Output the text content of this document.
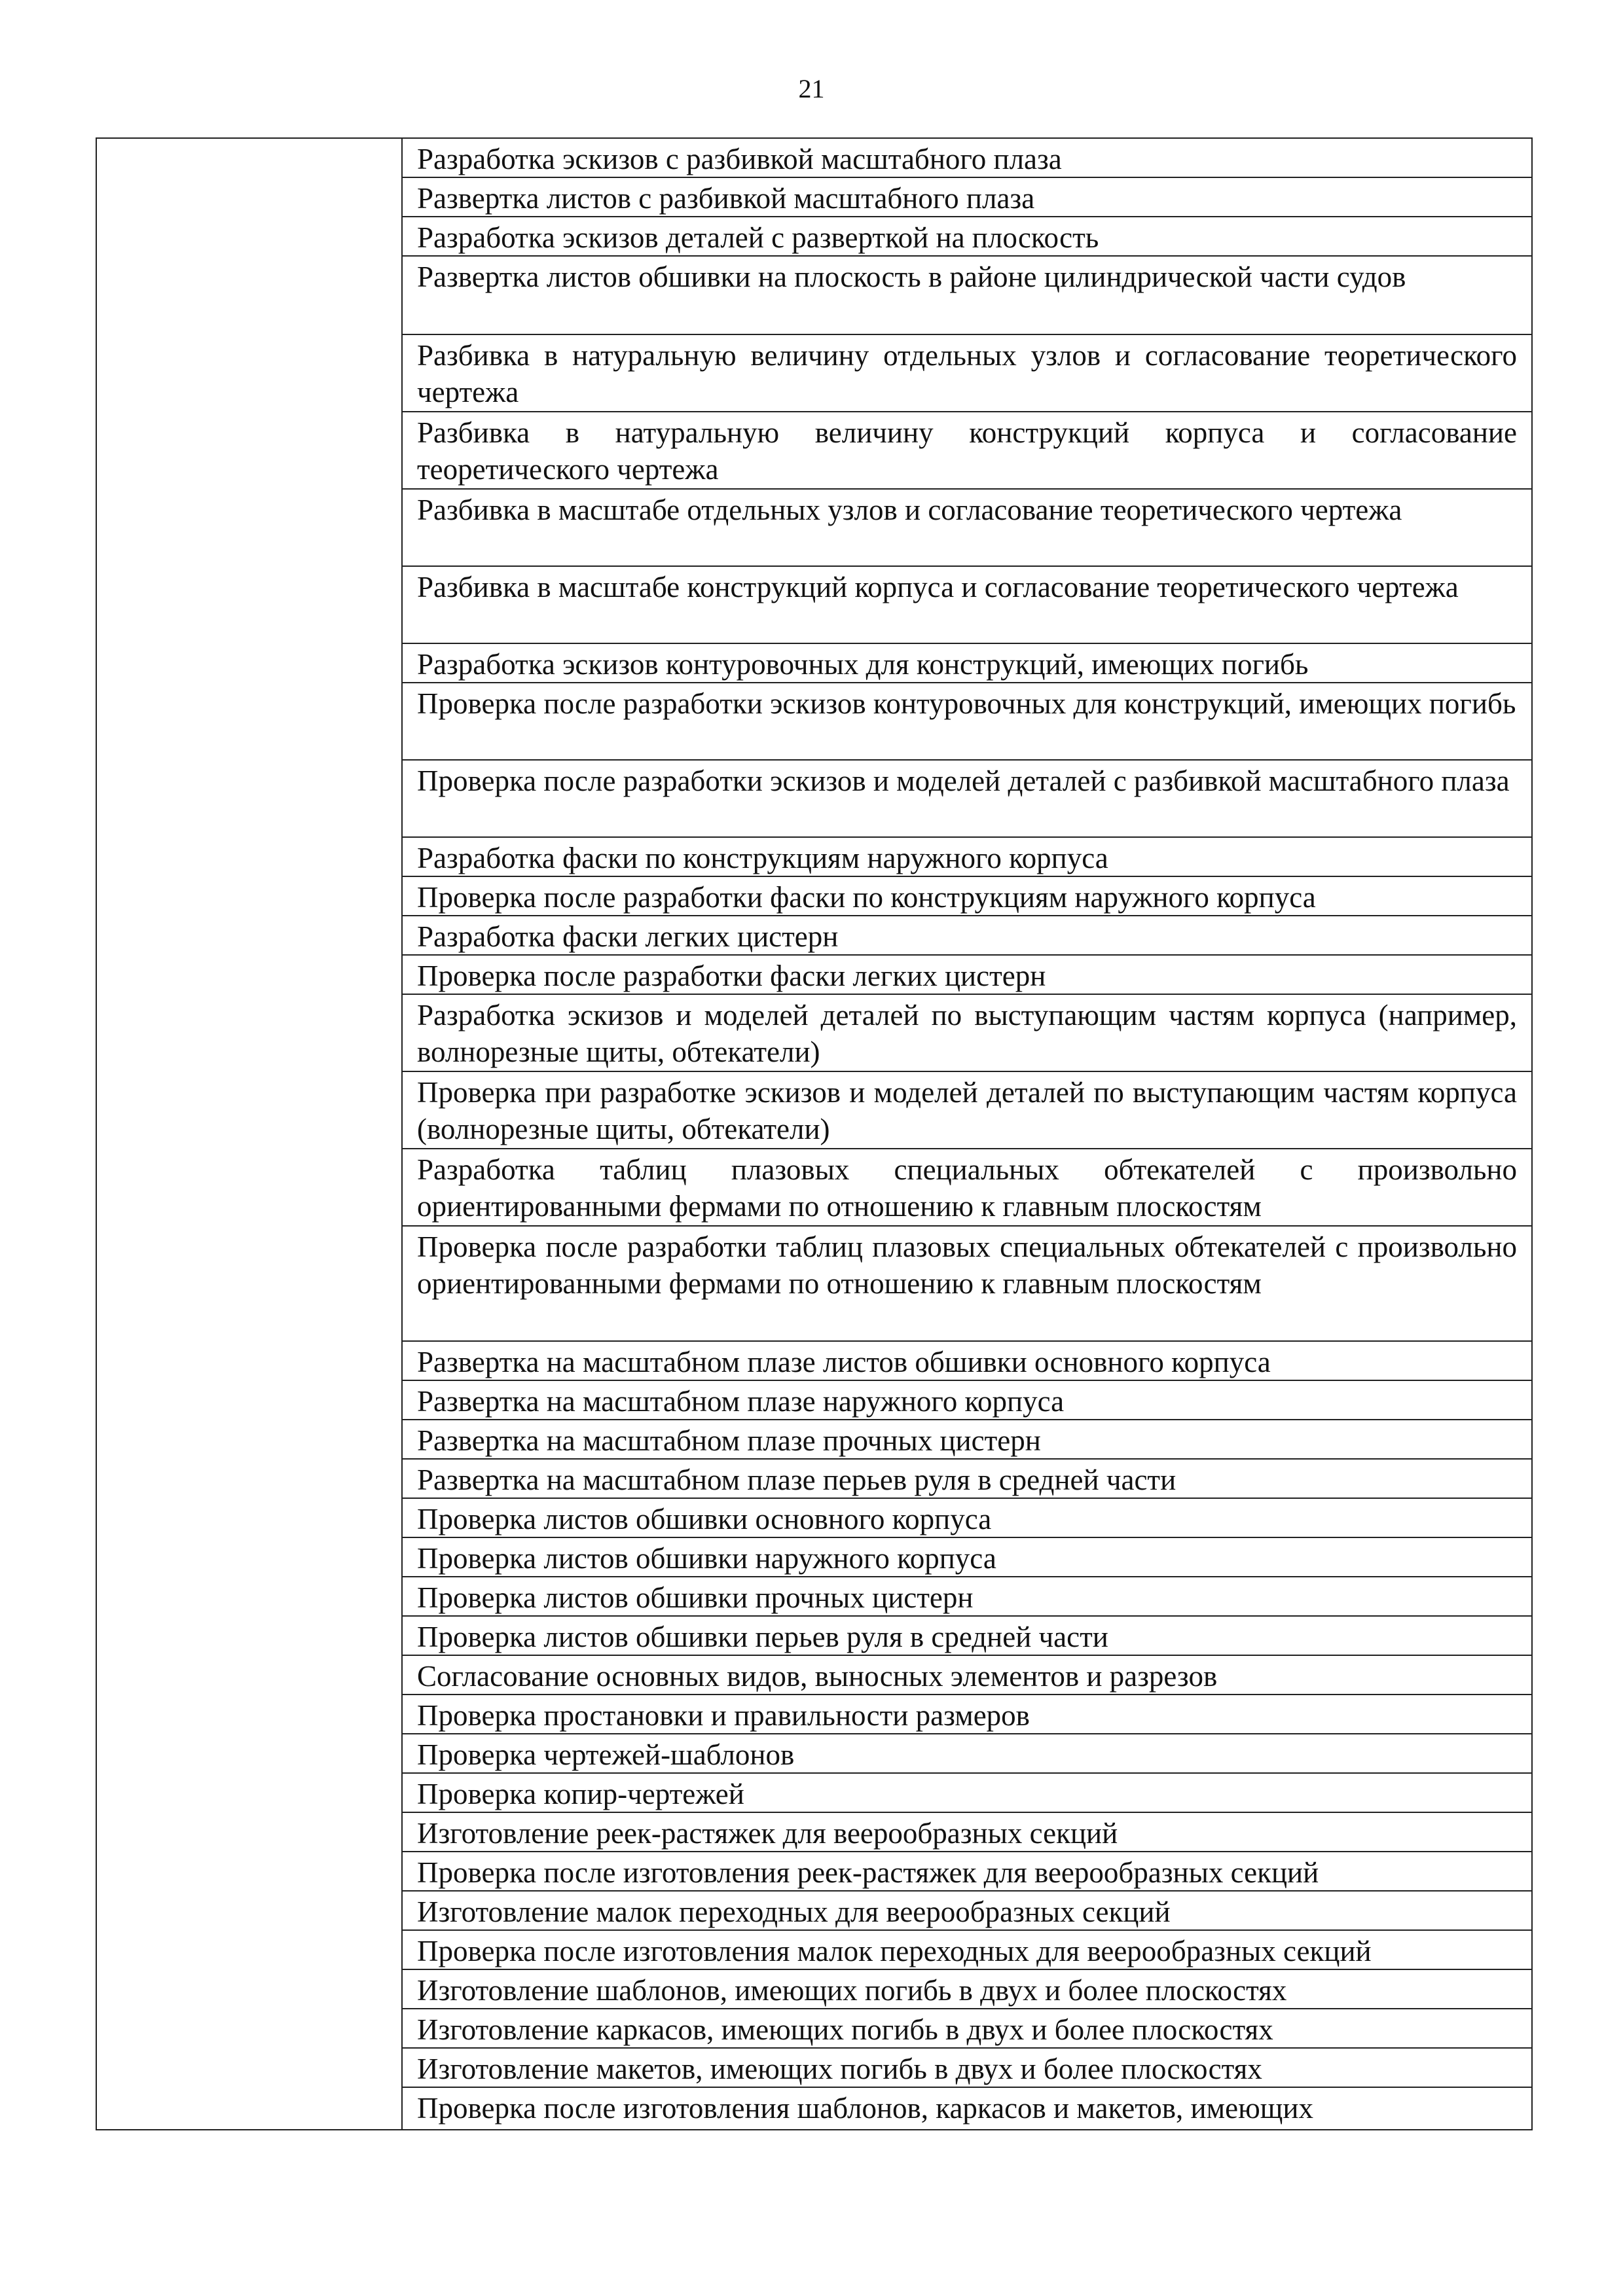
21
Разработка эскизов с разбивкой масштабного плаза
Развертка листов с разбивкой масштабного плаза
Разработка эскизов деталей с разверткой на плоскость
Развертка листов обшивки на плоскость в районе цилиндрической части судов
Разбивка в натуральную величину отдельных узлов и согласование теоретического чертежа
Разбивка в натуральную величину конструкций корпуса и согласование теоретического чертежа
Разбивка в масштабе отдельных узлов и согласование теоретического чертежа
Разбивка в масштабе конструкций корпуса и согласование теоретического чертежа
Разработка эскизов контуровочных для конструкций, имеющих погибь
Проверка после разработки эскизов контуровочных для конструкций, имеющих погибь
Проверка после разработки эскизов и моделей деталей с разбивкой масштабного плаза
Разработка фаски по конструкциям наружного корпуса
Проверка после разработки фаски по конструкциям наружного корпуса
Разработка фаски легких цистерн
Проверка после разработки фаски легких цистерн
Разработка эскизов и моделей деталей по выступающим частям корпуса (например, волнорезные щиты, обтекатели)
Проверка при разработке эскизов и моделей деталей по выступающим частям корпуса (волнорезные щиты, обтекатели)
Разработка таблиц плазовых специальных обтекателей с произвольно ориентированными фермами по отношению к главным плоскостям
Проверка после разработки таблиц плазовых специальных обтекателей с произвольно ориентированными фермами по отношению к главным плоскостям
Развертка на масштабном плазе листов обшивки основного корпуса
Развертка на масштабном плазе наружного корпуса
Развертка на масштабном плазе прочных цистерн
Развертка на масштабном плазе перьев руля в средней части
Проверка листов обшивки основного корпуса
Проверка листов обшивки наружного корпуса
Проверка листов обшивки прочных цистерн
Проверка листов обшивки перьев руля в средней части
Согласование основных видов, выносных элементов и разрезов
Проверка простановки и правильности размеров
Проверка чертежей-шаблонов
Проверка копир-чертежей
Изготовление реек-растяжек для веерообразных секций
Проверка после изготовления реек-растяжек для веерообразных секций
Изготовление малок переходных для веерообразных секций
Проверка после изготовления малок переходных для веерообразных секций
Изготовление шаблонов, имеющих погибь в двух и более плоскостях
Изготовление каркасов, имеющих погибь в двух и более плоскостях
Изготовление макетов, имеющих погибь в двух и более плоскостях
Проверка после изготовления шаблонов, каркасов и макетов, имеющих
